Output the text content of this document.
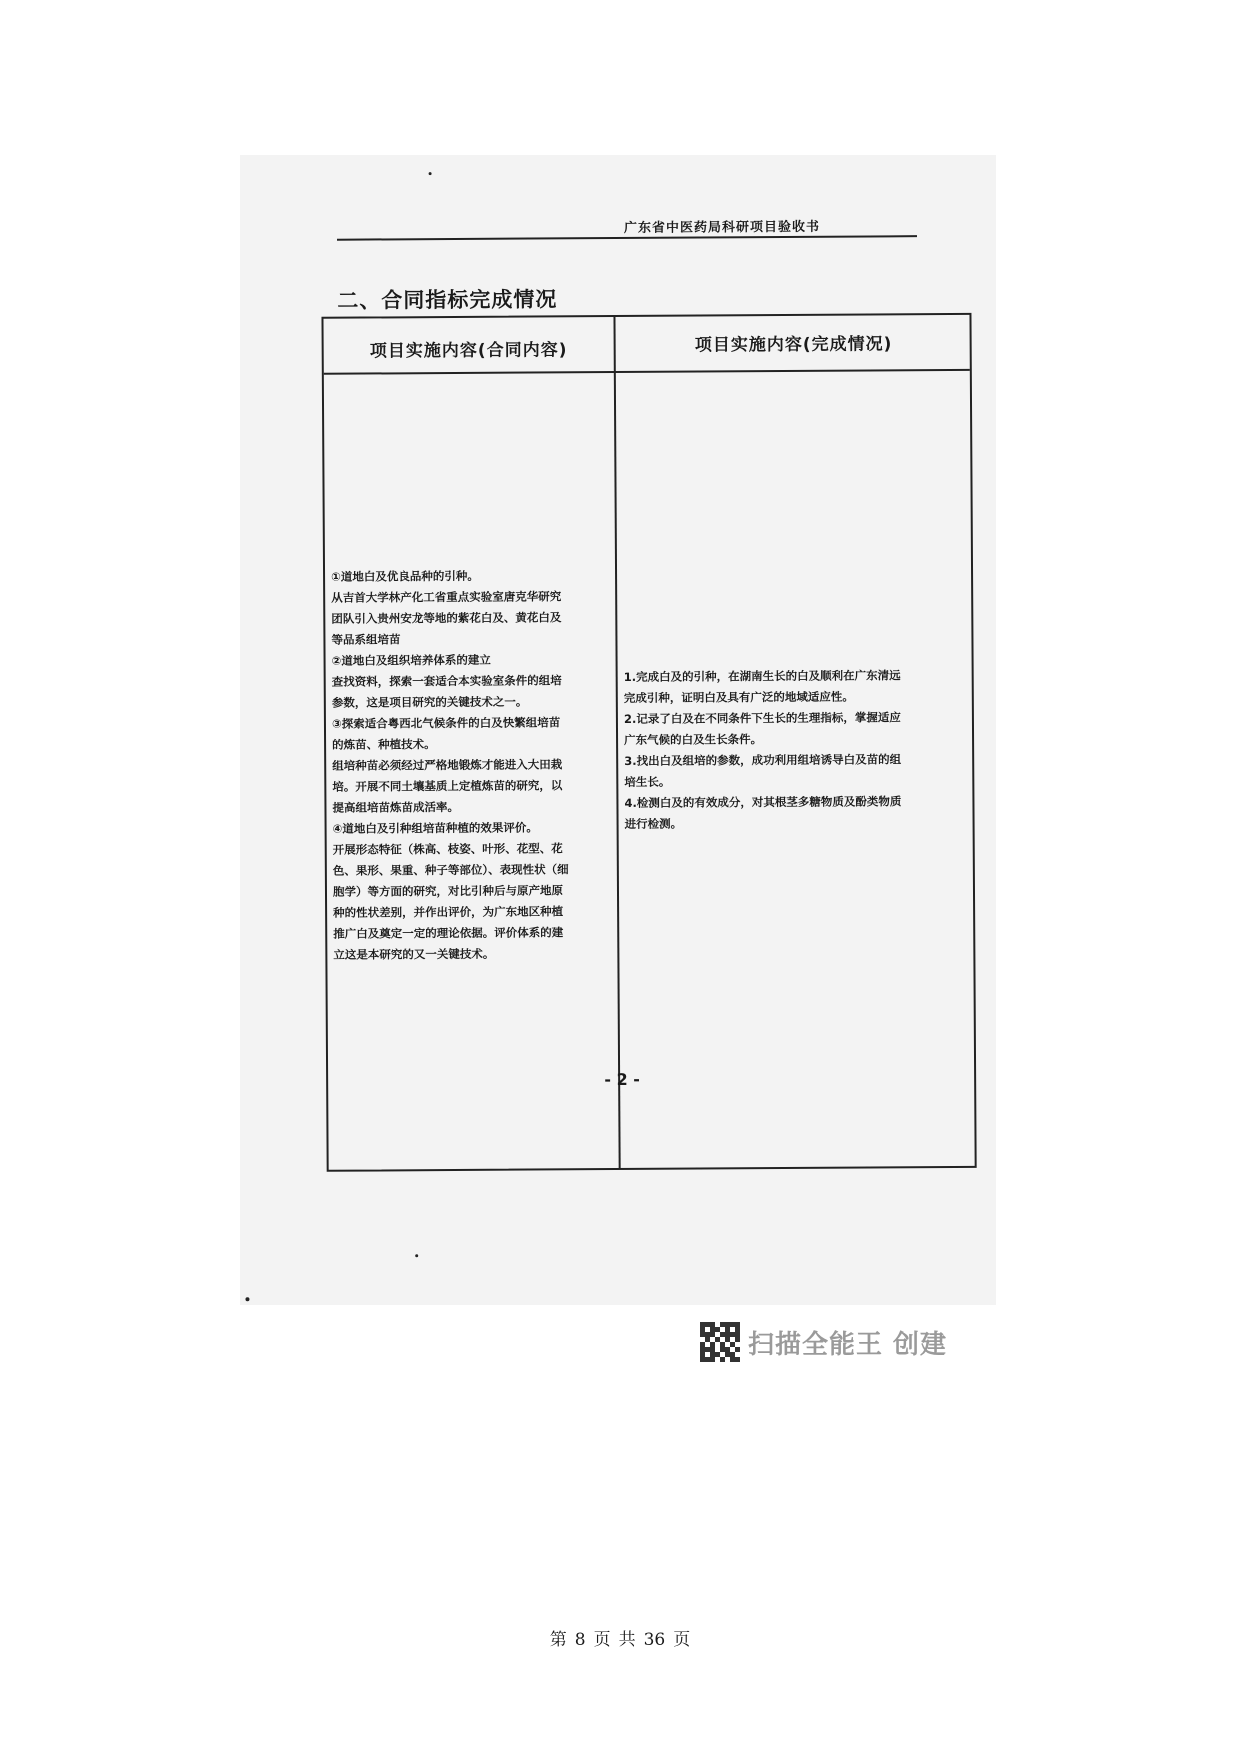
广东省中医药局科研项目验收书
二、合同指标完成情况
项目实施内容(合同内容)	项目实施内容(完成情况)
①道地白及优良品种的引种。
从吉首大学林产化工省重点实验室唐克华研究
团队引入贵州安龙等地的紫花白及、黄花白及
等品系组培苗
②道地白及组织培养体系的建立
查找资料，探索一套适合本实验室条件的组培
参数，这是项目研究的关键技术之一。
③探索适合粤西北气候条件的白及快繁组培苗
的炼苗、种植技术。
组培种苗必须经过严格地锻炼才能进入大田栽
培。开展不同土壤基质上定植炼苗的研究，以
提高组培苗炼苗成活率。
④道地白及引种组培苗种植的效果评价。
开展形态特征（株高、枝姿、叶形、花型、花
色、果形、果重、种子等部位）、表现性状（细
胞学）等方面的研究，对比引种后与原产地原
种的性状差别，并作出评价，为广东地区种植
推广白及奠定一定的理论依据。评价体系的建
立这是本研究的又一关键技术。
1.完成白及的引种，在湖南生长的白及顺利在广东清远
完成引种，证明白及具有广泛的地域适应性。
2.记录了白及在不同条件下生长的生理指标，掌握适应
广东气候的白及生长条件。
3.找出白及组培的参数，成功利用组培诱导白及苗的组
培生长。
4.检测白及的有效成分，对其根茎多糖物质及酚类物质
进行检测。
- 2 -
扫描全能王 创建
第 8 页 共 36 页
